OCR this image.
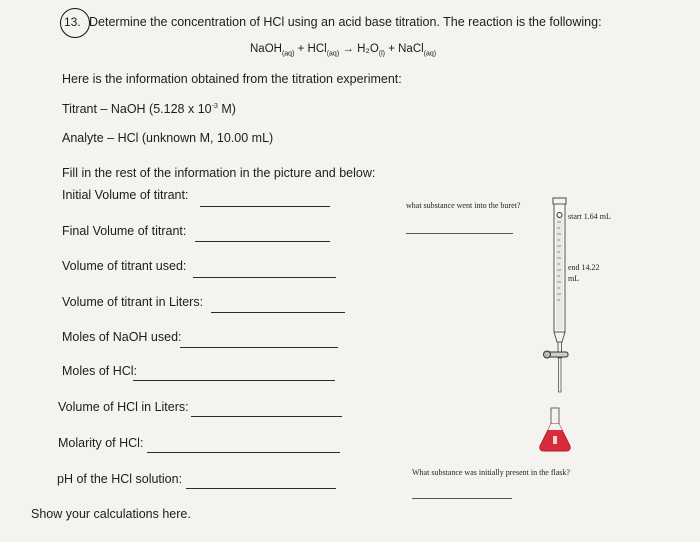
13. Determine the concentration of HCl using an acid base titration. The reaction is the following:
NaOH$_{(aq)}$ + $HCl_{(aq)} \to H_2O_{(l)}$ + NaCl$_{(aq)}$
Here is the information obtained from the titration experiment:
Titrant – NaOH (5.128 x $10^{-3}$ M)
Analyte – HCl (unknown M, 10.00 mL)
Fill in the rest of the information in the picture and below:
Initial Volume of titrant:
Final Volume of titrant:
Volume of titrant used:
Volume of titrant in Liters:
Moles of NaOH used:
Moles of HCl:
Volume of HCl in Liters:
Molarity of HCl:
pH of the HCl solution:
Show your calculations here.
what substance went into the buret?
start 1.64 mL
end 14.22
mL
What substance was initially present in the flask?
